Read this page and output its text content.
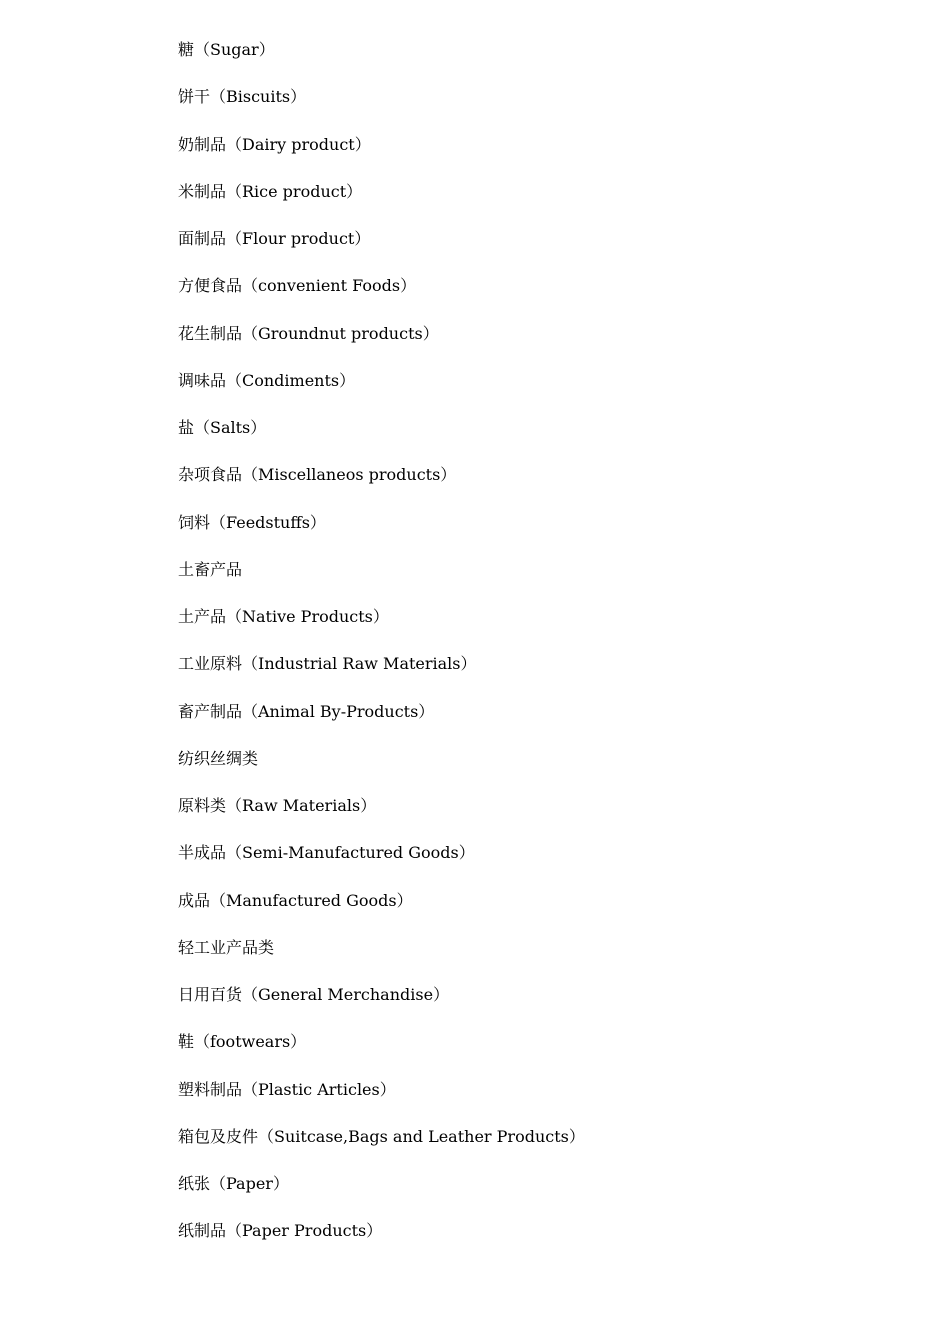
糖（Sugar）
饼干（Biscuits）
奶制品（Dairy product）
米制品（Rice product）
面制品（Flour product）
方便食品（convenient Foods）
花生制品（Groundnut products）
调味品（Condiments）
盐（Salts）
杂项食品（Miscellaneos products）
饲料（Feedstuffs）
土畜产品
土产品（Native Products）
工业原料（Industrial Raw Materials）
畜产制品（Animal By-Products）
纺织丝绸类
原料类（Raw Materials）
半成品（Semi-Manufactured Goods）
成品（Manufactured Goods）
轻工业产品类
日用百货（General Merchandise）
鞋（footwears）
塑料制品（Plastic Articles）
箱包及皮件（Suitcase,Bags and Leather Products）
纸张（Paper）
纸制品（Paper Products）
